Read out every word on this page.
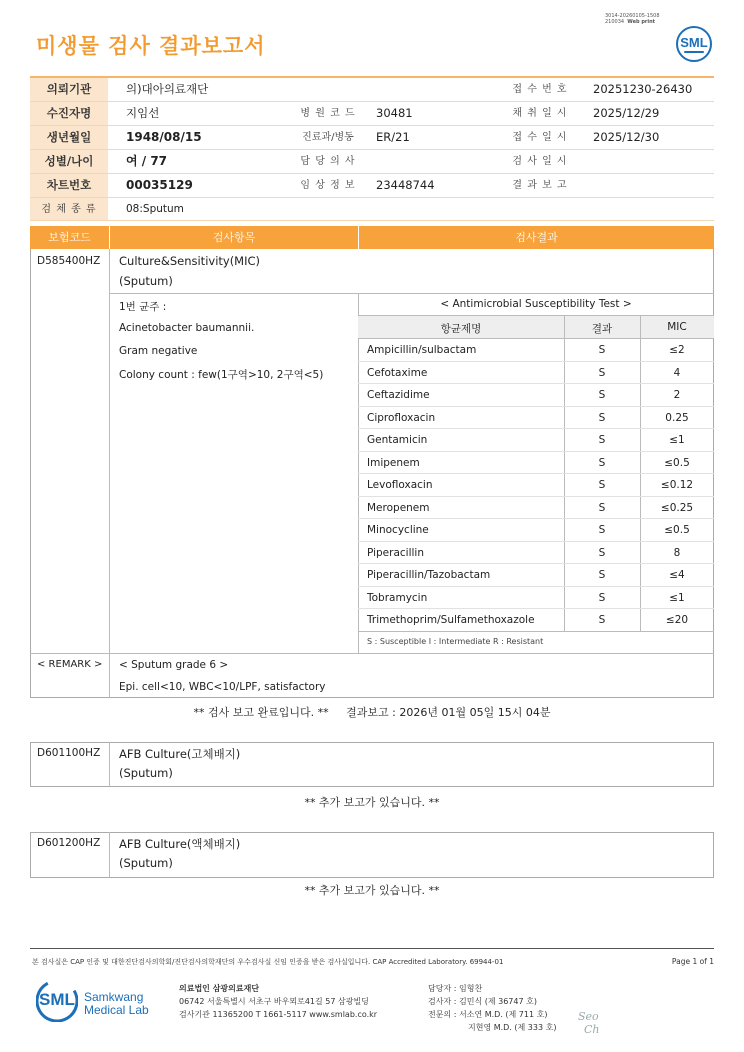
3014-20260105-1508
210034 Web print
미생물 검사 결과보고서	SML
의뢰기관	의)대아의료재단	접 수 번 호	20251230-26430
수진자명	지임선	병 원 코 드	30481	채 취 일 시	2025/12/29
생년월일	1948/08/15	진료과/병동	ER/21	접 수 일 시	2025/12/30
성별/나이	여 / 77	담 당 의 사	검 사 일 시
차트번호	00035129	임 상 정 보	23448744	결 과 보 고
검 체 종 류	08:Sputum
보험코드	검사항목	검사결과
D585400HZ Culture&Sensitivity(MIC)
(Sputum)
1번 균주 :
Acinetobacter baumannii.
Gram negative
Colony count : few(1구역>10, 2구역<5)
< Antimicrobial Susceptibility Test >
항균제명	결과	MIC
Ampicillin/sulbactam	S	≤2
Cefotaxime	S	4
Ceftazidime	S	2
Ciprofloxacin	S	0.25
Gentamicin	S	≤1
Imipenem	S	≤0.5
Levofloxacin	S	≤0.12
Meropenem	S	≤0.25
Minocycline	S	≤0.5
Piperacillin	S	8
Piperacillin/Tazobactam	S	≤4
Tobramycin	S	≤1
Trimethoprim/Sulfamethoxazole	S	≤20
S : Susceptible I : Intermediate R : Resistant
< REMARK > < Sputum grade 6 >
Epi. cell<10, WBC<10/LPF, satisfactory
** 검사 보고 완료입니다. **     결과보고 : 2026년 01월 05일 15시 04분
D601100HZ AFB Culture(고체배지)
(Sputum)
** 추가 보고가 있습니다. **
D601200HZ AFB Culture(액체배지)
(Sputum)
** 추가 보고가 있습니다. **
본 검사실은 CAP 인증 및 대한진단검사의학회/진단검사의학재단의 우수검사실 신임 인증을 받은 검사실입니다. CAP Accredited Laboratory. 69944-01	Page 1 of 1
SML Samkwang
Medical Lab
의료법인 삼광의료재단
06742 서울특별시 서초구 바우뫼로41길 57 삼광빌딩
검사기관 11365200 T 1661-5117 www.smlab.co.kr
담당자 : 임형찬
검사자 : 김민식 (제 36747 호)
전문의 : 서소연 M.D. (제 711 호)
지현영 M.D. (제 333 호)
Seo
Ch
